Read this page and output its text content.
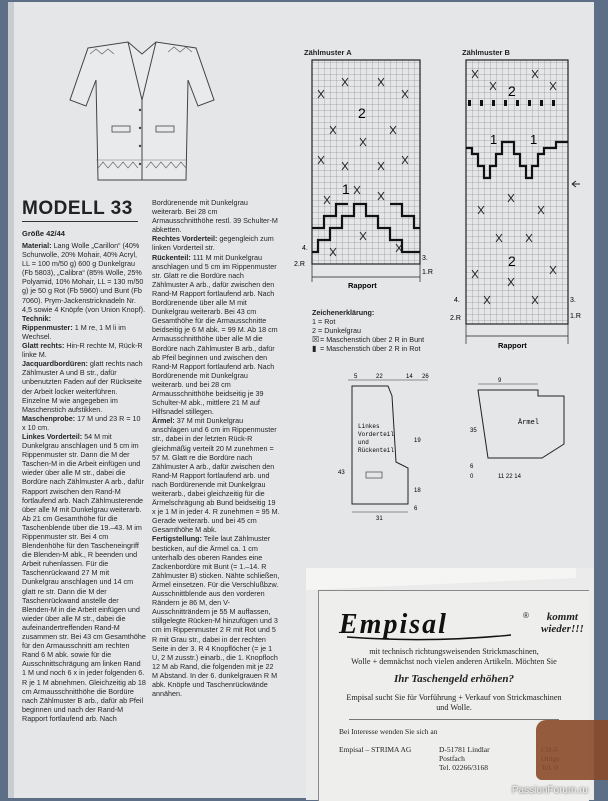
MODELL 33
Größe 42/44

Material: Lang Wolle „Carillon“ (40% Schurwolle, 20% Mohair, 40% Acryl, LL = 100 m/50 g) 600 g Dunkelgrau (Fb 5803), „Calibra“ (85% Wolle, 25% Polyamid, 10% Mohair, LL = 130 m/50 g) je 50 g Rot (Fb 5960) und Bunt (Fb 7060). Prym-Jackenstricknadeln Nr. 4,5 sowie 4 Knöpfe (von Union Knopf).

Technik:

Rippenmuster: 1 M re, 1 M li im Wechsel.

Glatt rechts: Hin-R rechte M, Rück-R linke M.

Jacquardbordüren: glatt rechts nach Zählmuster A und B str., dafür unbenutzten Faden auf der Rückseite der Arbeit locker weiterführen. Einzelne M wie angegeben im Maschenstich aufstikken.

Maschenprobe: 17 M und 23 R = 10 x 10 cm.

Linkes Vorderteil: 54 M mit Dunkelgrau anschlagen und 5 cm im Rippenmuster str. Dann die M der Taschen-M in die Arbeit einfügen und wieder über alle M str., dabei die Bordüre nach Zählmuster A arb., dafür Rapport zwischen den Rand-M fortlaufend arb. Nach Zählmusterende über alle M mit Dunkelgrau weiterarb. Ab 21 cm Gesamthöhe für die Taschenblende über die 19.–43. M im Rippenmuster str. Bei 4 cm Blendenhöhe für den Tascheneingriff die Blenden-M abk., R beenden und Arbeit ruhenlassen. Für die Taschenrückwand 27 M mit Dunkelgrau anschlagen und 14 cm glatt re str. Dann die M der Taschenrückwand anstelle der Blenden-M in die Arbeit einfügen und wieder über alle M str., dabei die aufeinandertreffenden Rand-M zusammen str. Bei 43 cm Gesamthöhe für den Armausschnitt am rechten Rand 6 M abk. sowie für die Ausschnittschrägung am linken Rand 1 M und noch 6 x in jeder folgenden 6. R je 1 M abnehmen. Gleichzeitig ab 18 cm Armausschnitthöhe die Bordüre nach Zählmuster B arb., dafür ab Pfeil beginnen und nach der Rand-M Rapport fortlaufend arb. Nach

Bordürenende mit Dunkelgrau weiterarb. Bei 28 cm Armausschnitthöhe restl. 39 Schulter-M abketten.

Rechtes Vorderteil: gegengleich zum linken Vorderteil str.

Rückenteil: 111 M mit Dunkelgrau anschlagen und 5 cm im Rippenmuster str. Glatt re die Bordüre nach Zählmuster A arb., dafür zwischen den Rand-M Rapport fortlaufend arb. Nach Bordürenende über alle M mit Dunkelgrau weiterarb. Bei 43 cm Gesamthöhe für die Armausschnitte beidseitig je 6 M abk. = 99 M. Ab 18 cm Armausschnitthöhe über alle M die Bordüre nach Zählmuster B arb., dafür ab Pfeil beginnen und zwischen den Rand-M Rapport fortlaufend arb. Nach Bordürenende mit Dunkelgrau weiterarb. und bei 28 cm Armausschnitthöhe beidseitig je 39 Schulter-M abk., mittlere 21 M auf Hilfsnadel stillegen.

Ärmel: 37 M mit Dunkelgrau anschlagen und 6 cm im Rippenmuster str., dabei in der letzten Rück-R gleichmäßig verteilt 20 M zunehmen = 57 M. Glatt re die Bordüre nach Zählmuster A arb., dafür zwischen den Rand-M Rapport fortlaufend arb. und nach Bordürenende mit Dunkelgrau weiterarb., dabei gleichzeitig für die Ärmelschrägung ab Bund beidseitig 19 x je 1 M in jeder 4. R zunehmen = 95 M. Gerade weiterarb. und bei 45 cm Gesamthöhe M abk.

Fertigstellung: Teile laut Zählmuster besticken, auf die Ärmel ca. 1 cm unterhalb des oberen Randes eine Zackenbordüre mit Bunt (= 1.–14. R Zählmuster B) sticken. Nähte schließen, Ärmel einsetzen. Für die Verschlußbzw. Ausschnittblende aus den vorderen Rändern je 86 M, den V-Ausschnitträndern je 55 M auffassen, stillgelegte Rücken-M hinzufügen und 3 cm im Rippenmuster 2 R mit Rot und 5 R mit Grau str., dabei in der rechten Seite in der 3. R 4 Knopflöcher (= je 1 U, 2 M zusstr.) einarb., die 1. Knopfloch 12 M ab Rand, die folgenden mit je 22 M Abstand. In der 6. dunkelgrauen R M abk. Knöpfe und Taschenrückwände annähen.

Zählmuster A
2
1
4.
2.R
3.
1.R
Rapport
Zählmuster B
2
1	1
2
4.
2.R
3.
1.R
Rapport
Zeichenerklärung:
1 = Rot
2 = Dunkelgrau
☒ = Maschenstich über 2 R in Bunt
▮ = Maschenstich über 2 R in Rot
5	22	14 26
Linkes
Vorderteil
und
Rückenteil
43
19
18
6
31
9
Ärmel
35
6
0	11 22 14
Empisal	®	kommt
wieder!!!
mit technisch richtungsweisenden Strickmaschinen,
Wolle + demnächst noch vielen anderen Artikeln. Möchten Sie
Ihr Taschengeld erhöhen?
Empisal sucht Sie für Vorführung + Verkauf von Strickmaschinen
und Wolle.
Bei Interesse wenden Sie sich an
Empisal – STRIMA AG	D-51781 Lindlar
Postfach
Tel. 02266/3168
PassionForum.ru
